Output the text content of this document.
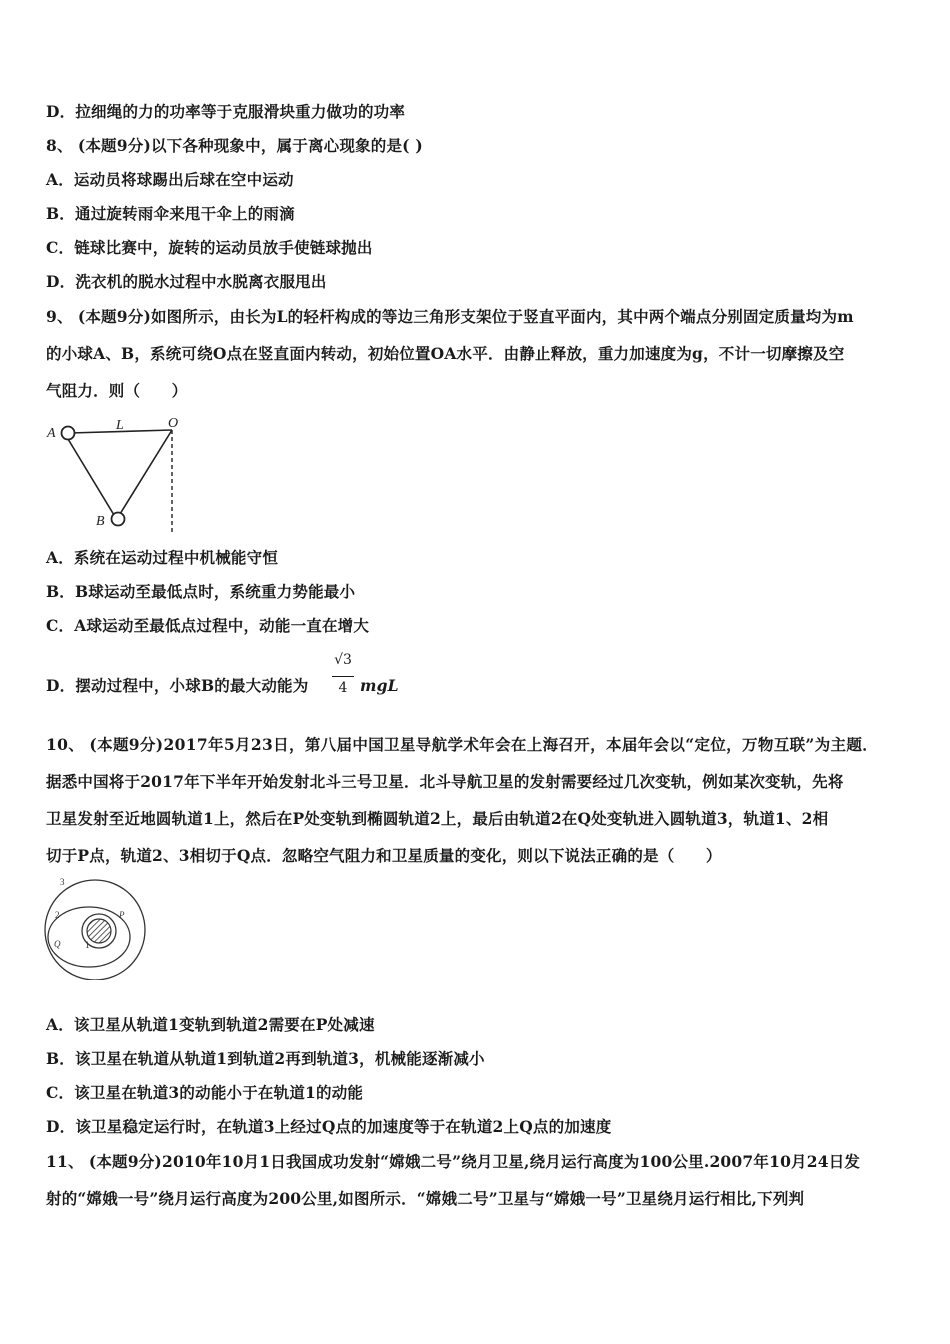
D．拉细绳的力的功率等于克服滑块重力做功的功率
8、 (本题9分)以下各种现象中，属于离心现象的是( )
A．运动员将球踢出后球在空中运动
B．通过旋转雨伞来甩干伞上的雨滴
C．链球比赛中，旋转的运动员放手使链球抛出
D．洗衣机的脱水过程中水脱离衣服甩出
9、 (本题9分)如图所示，由长为L的轻杆构成的等边三角形支架位于竖直平面内，其中两个端点分别固定质量均为m
的小球A、B，系统可绕O点在竖直面内转动，初始位置OA水平．由静止释放，重力加速度为g，不计一切摩擦及空
气阻力．则（　　）
A
B
O
L
A．系统在运动过程中机械能守恒
B．B球运动至最低点时，系统重力势能最小
C．A球运动至最低点过程中，动能一直在增大
D．摆动过程中，小球B的最大动能为
√3
4 mgL
10、 (本题9分)2017年5月23日，第八届中国卫星导航学术年会在上海召开，本届年会以“定位，万物互联”为主题．
据悉中国将于2017年下半年开始发射北斗三号卫星．北斗导航卫星的发射需要经过几次变轨，例如某次变轨，先将
卫星发射至近地圆轨道1上，然后在P处变轨到椭圆轨道2上，最后由轨道2在Q处变轨进入圆轨道3，轨道1、2相
切于P点，轨道2、3相切于Q点．忽略空气阻力和卫星质量的变化，则以下说法正确的是（　　）
3
2
1
P
Q
A．该卫星从轨道1变轨到轨道2需要在P处减速
B．该卫星在轨道从轨道1到轨道2再到轨道3，机械能逐渐减小
C．该卫星在轨道3的动能小于在轨道1的动能
D．该卫星稳定运行时，在轨道3上经过Q点的加速度等于在轨道2上Q点的加速度
11、 (本题9分)2010年10月1日我国成功发射“嫦娥二号”绕月卫星,绕月运行高度为100公里.2007年10月24日发
射的“嫦娥一号”绕月运行高度为200公里,如图所示．“嫦娥二号”卫星与“嫦娥一号”卫星绕月运行相比,下列判
